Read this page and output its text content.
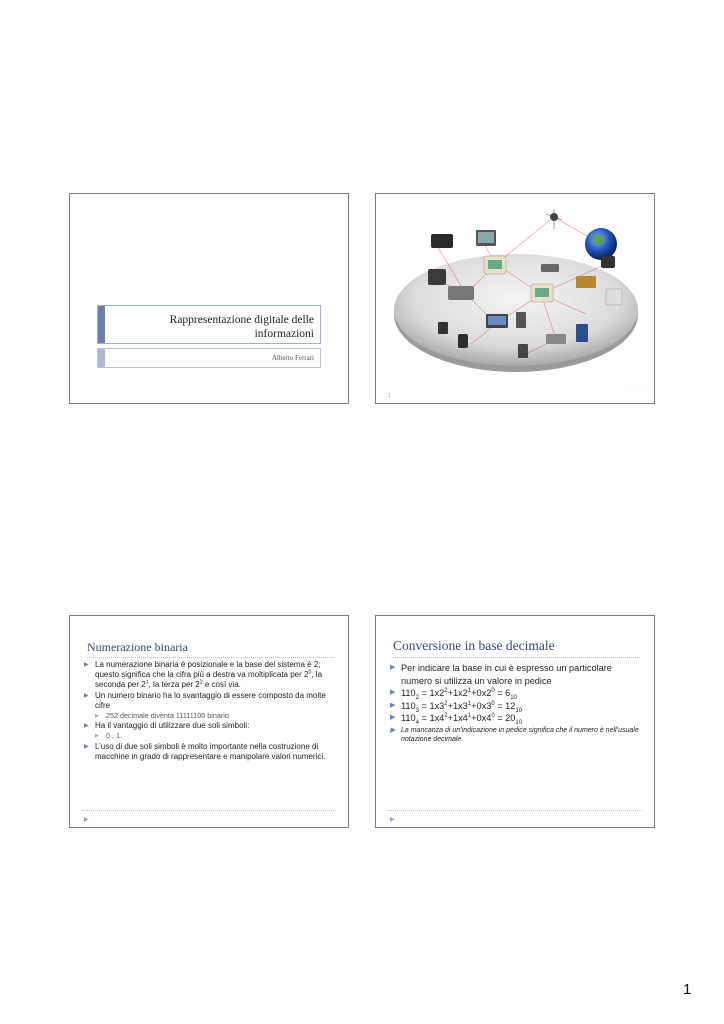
Rappresentazione digitale delle informazioni
Alberto Ferrari
1
. . .
Numerazione binaria
▶ La numerazione binaria è posizionale e la base del sistema è 2; questo significa che la cifra più a destra va moltiplicata per $2^0$, la seconda per $2^1$, la terza per $2^2$ e così via.
▶ Un numero binario ha lo svantaggio di essere composto da molte cifre
▶ 252 decimale diventa 11111100 binario
▶ Ha il vantaggio di utilizzare due soli simboli:
▶ 0 , 1.
▶ L’uso di due soli simboli è molto importante nella costruzione di macchine in grado di rappresentare e manipolare valori numerici.
▶
Conversione in base decimale
▶ Per indicare la base in cui è espresso un particolare numero si utilizza un valore in pedice
▶ $110_2 = 1x2^2+1x2^1+0x2^0 = 6_{10}$
▶ $110_3 = 1x3^2+1x3^1+0x3^0 = 12_{10}$
▶ $110_4 = 1x4^2+1x4^1+0x4^0 = 20_{10}$
▶ La mancanza di un’indicazione in pedice significa che il numero è nell’usuale notazione decimale.
▶
1
